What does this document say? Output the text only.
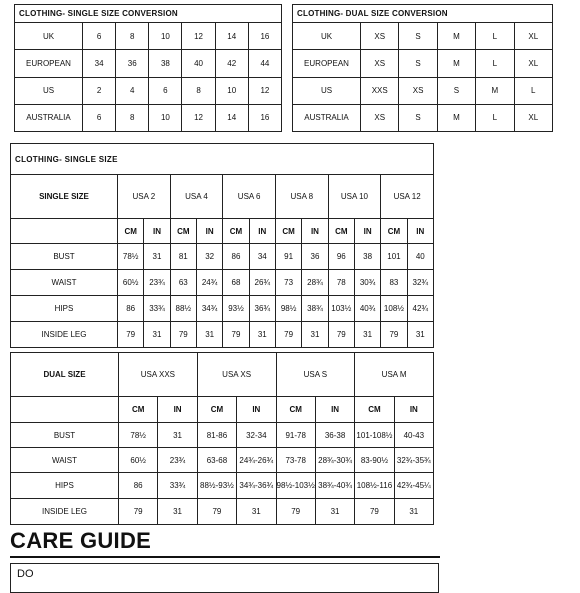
CLOTHING- SINGLE SIZE CONVERSION						
UK	6	8	10	12	14	16
EUROPEAN	34	36	38	40	42	44
US	2	4	6	8	10	12
AUSTRALIA	6	8	10	12	14	16
CLOTHING- DUAL SIZE CONVERSION					
UK	XS	S	M	L	XL
EUROPEAN	XS	S	M	L	XL
US	XXS	XS	S	M	L
AUSTRALIA	XS	S	M	L	XL
CLOTHING- SINGLE SIZE												
SINGLE SIZE	USA 2		USA 4		USA 6		USA 8		USA 10		USA 12	
	CM	IN	CM	IN	CM	IN	CM	IN	CM	IN	CM	IN
BUST	78½	31	81	32	86	34	91	36	96	38	101	40
WAIST	60½	23¾	63	24¾	68	26¾	73	28¾	78	30¾	83	32¾
HIPS	86	33¾	88½	34¾	93½	36¾	98½	38¾	103½	40¾	108½	42¾
INSIDE LEG	79	31	79	31	79	31	79	31	79	31	79	31
DUAL SIZE	USA XXS		USA XS		USA S		USA M	
	CM	IN	CM	IN	CM	IN	CM	IN
BUST	78½	31	81-86	32-34	91-78	36-38	101-108½	40-43
WAIST	60½	23¾	63-68	24¾-26¾	73-78	28¾-30¾	83-90½	32¾-35¾
HIPS	86	33¾	88½-93½	34¾-36¾	98½-103½	38¾-40¾	108½-116	42¾-45¼
INSIDE LEG	79	31	79	31	79	31	79	31
CARE GUIDE
DO
